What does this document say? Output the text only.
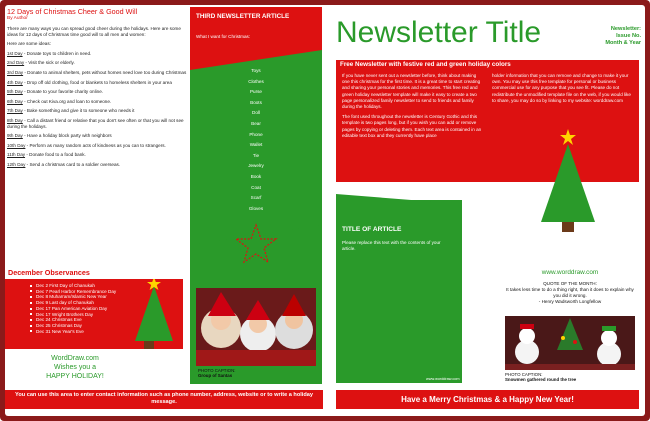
12 Days of Christmas Cheer & Good Will
By Author

There are many ways you can spread good cheer during the holidays. Here are some ideas for 12 days of Christmas time good will to all men and women:

Here are some ideas:

1st Day - Donate toys to children in need.

2nd Day - Visit the sick or elderly.

3rd Day - Donate to animal shelters, pets without homes need love too during Christmas

4th Day - Drop off old clothing, food or blankets to homeless shelters in your area

5th Day - Donate to your favorite charity online.

6th Day - Check out Kiva.org and loan to someone.

7th Day - Bake something and give it to someone who needs it

8th Day - Call a distant friend or relative that you don't see often or that you will not see during the holidays.

9th Day - Have a holiday block party with neighbors

10th Day - Perform as many random acts of kindness as you can to strangers.

11th Day - Donate food to a food bank.

12th Day - Send a christmas card to a soldier overseas.

December Observances
Dec 2 First Day of Chanukah
Dec 7 Pearl Harbor Remembrance Day
Dec 8 Muharram/Islamic New Year
Dec 9 Last day of Chanukah
Dec 17 Pan American Aviation Day
Dec 17 Wright Brothers Day
Dec 24 Christmas Eve
Dec 25 Christmas Day
Dec 31 New Year's Eve
WordDraw.com
Wishes you a
HAPPY HOLIDAY!
You can use this area to enter contact information such as phone number, address, website or to write a holiday message.
THIRD NEWSLETTER ARTICLE
What I want for Christmas:
Toys
Clothes
Purse
Boots
Doll
Bear
Phone
Wallet
Tie
Jewelry
Book
Coat
Scarf
Gloves
PHOTO CAPTION:
Group of Santas
Newsletter Title	Newsletter:
Issue No.
Month & Year
Free Newsletter with festive red and green holiday colors

If you have never sent out a newsletter before, think about making one this christmas for the first time. It is a great time to start creating and sharing your personal stories and memories. This free red and green holiday newsletter template will make it easy to create a two page personalized family newsletter to send to friends and family during the holidays.

The font used throughout the newsletter is Century Gothic and this template is two pages long, but if you wish you can add or remove pages by copying or deleting them. Each text area is contained in an editable text box and they currently have place

holder information that you can remove and change to make it your own. You may use this free template for personal or business commercial use for any purpose that you see fit. Please do not redistribute the unmodified template file on the web, if you would like to share, you may do so by linking to my website: worddraw.com

TITLE OF ARTICLE
Please replace this text with the contents of your article.
www.worddraw.com
www.worddraw.com
QUOTE OF THE MONTH:
It takes less time to do a thing right, than it does to explain why you did it wrong.
- Henry Wadsworth Longfellow
PHOTO CAPTION:
Snowmen gathered round the tree
Have a Merry Christmas & a Happy New Year!
